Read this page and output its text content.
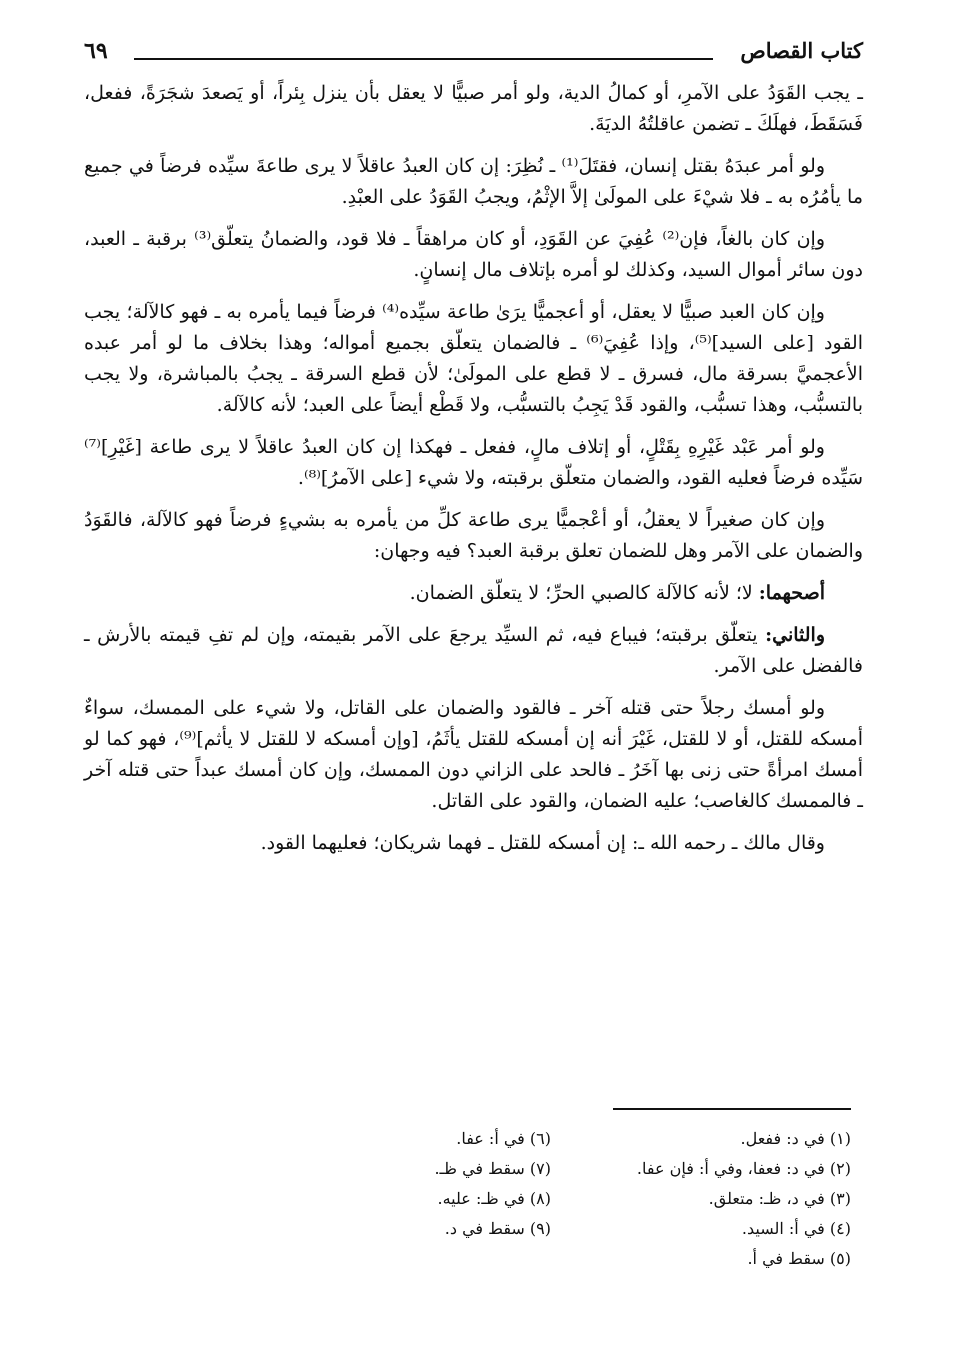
٦٩	كتاب القصاص

ـ يجب القَوَدُ على الآمرِ، أو كمالُ الدية، ولو أمر صبيًّا لا يعقل بأن ينزل بِئراً، أو يَصعدَ شجَرَةً، ففعل، فَسَقَطَ، فهلَكَ ـ تضمن عاقلتُهُ الديَةَ.

ولو أمر عبدَهُ بقتل إنسان، فقتَلَ⁽¹⁾ ـ نُظِرَ: إن كان العبدُ عاقلاً لا يرى طاعةَ سيِّده فرضاً في جميع ما يأمُرُه به ـ فلا شيْءَ على المولَىٰ إلاَّ الإثْمُ، ويجبُ القَوَدُ على العبْدِ.

وإن كان بالغاً، فإن⁽²⁾ عُفِيَ عن القَوَدِ، أو كان مراهقاً ـ فلا قود، والضمانُ يتعلّق⁽³⁾ برقبة ـ العبد، دون سائر أموال السيد، وكذلك لو أمره بإتلاف مال إنسانٍ.

وإن كان العبد صبيًّا لا يعقل، أو أعجميًّا يرَىٰ طاعة سيِّده⁽⁴⁾ فرضاً فيما يأمره به ـ فهو كالآلة؛ يجب القود [على السيد]⁽⁵⁾، وإذا عُفِيَ⁽⁶⁾ ـ فالضمان يتعلّق بجميع أمواله؛ وهذا بخلاف ما لو أمر عبده الأعجميَّ بسرقة مال، فسرق ـ لا قطع على المولَىٰ؛ لأن قطع السرقة ـ يجبُ بالمباشرة، ولا يجب بالتسبُّب، وهذا تسبُّب، والقود قَدْ يَجِبُ بالتسبُّب، ولا قَطْع أيضاً على العبد؛ لأنه كالآلة.

ولو أمر عَبْد غَيْرِهِ بِقَتْلٍ، أو إتلاف مالٍ، ففعل ـ فهكذا إن كان العبدُ عاقلاً لا يرى طاعة [غَيْرِ]⁽⁷⁾ سَيِّده فرضاً فعليه القود، والضمان متعلّق برقبته، ولا شيء [على الآمرُ]⁽⁸⁾.

وإن كان صغيراً لا يعقلُ، أو أعْجميًّا يرى طاعة كلِّ من يأمره به بشيءٍ فرضاً فهو كالآلة، فالقَوَدُ والضمان على الآمر وهل للضمان تعلق برقبة العبد؟ فيه وجهان:

أصحهما: لا؛ لأنه كالآلة كالصبي الحرِّ؛ لا يتعلّق الضمان.

والثاني: يتعلّق برقبته؛ فيباع فيه، ثم السيِّد يرجعَ على الآمر بقيمته، وإن لم تفِ قيمته بالأرش ـ فالفضل على الآمر.

ولو أمسك رجلاً حتى قتله آخر ـ فالقود والضمان على القاتل، ولا شيء على الممسك، سواءٌ أمسكه للقتل، أو لا للقتل، غَيْرَ أنه إن أمسكه للقتل يأثَمُ، [وإن أمسكه لا للقتل لا يأثم]⁽⁹⁾، فهو كما لو أمسك امرأةً حتى زنى بها آخَرُ ـ فالحد على الزاني دون الممسك، وإن كان أمسك عبداً حتى قتله آخر ـ فالممسك كالغاصب؛ عليه الضمان، والقود على القاتل.

وقال مالك ـ رحمه الله ـ: إن أمسكه للقتل ـ فهما شريكان؛ فعليهما القود.

(١) في د: ففعل.
(٢) في د: فعفا، وفي أ: فإن عفا.
(٣) في د، ظـ: متعلق.
(٤) في أ: السيد.
(٥) سقط في أ.
(٦) في أ: عفا.
(٧) سقط في ظـ.
(٨) في ظـ: عليه.
(٩) سقط في د.
